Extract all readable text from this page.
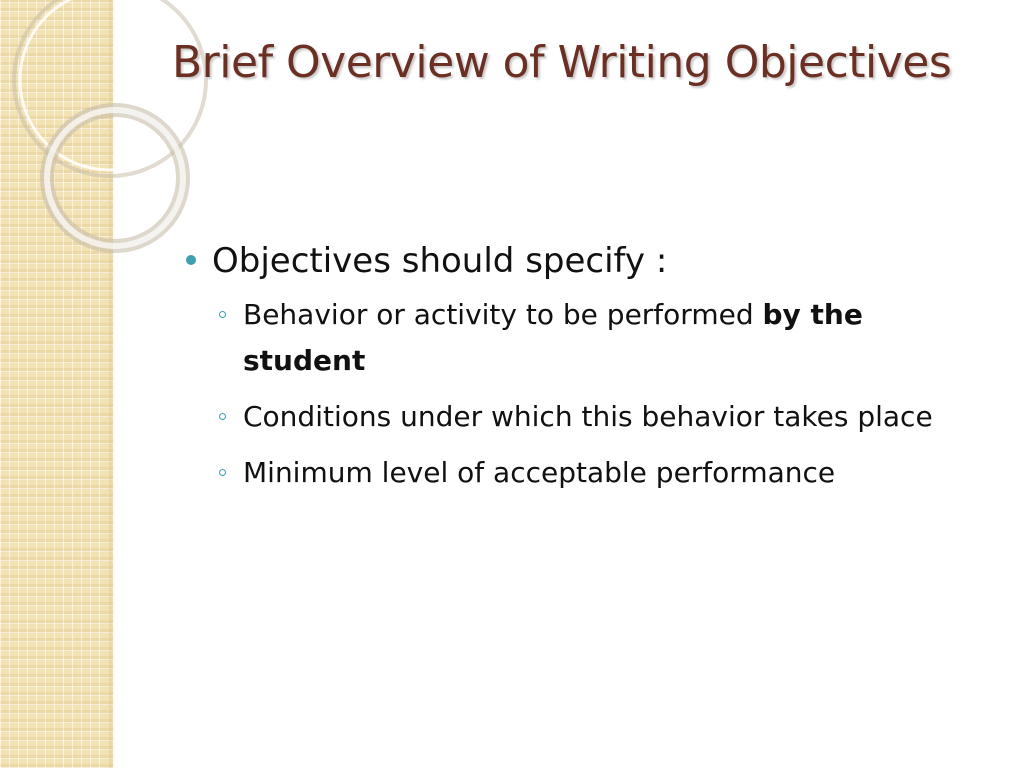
Brief Overview of Writing Objectives
Objectives should specify :
Behavior or activity to be performed by the student
Conditions under which this behavior takes place
Minimum level of acceptable performance
